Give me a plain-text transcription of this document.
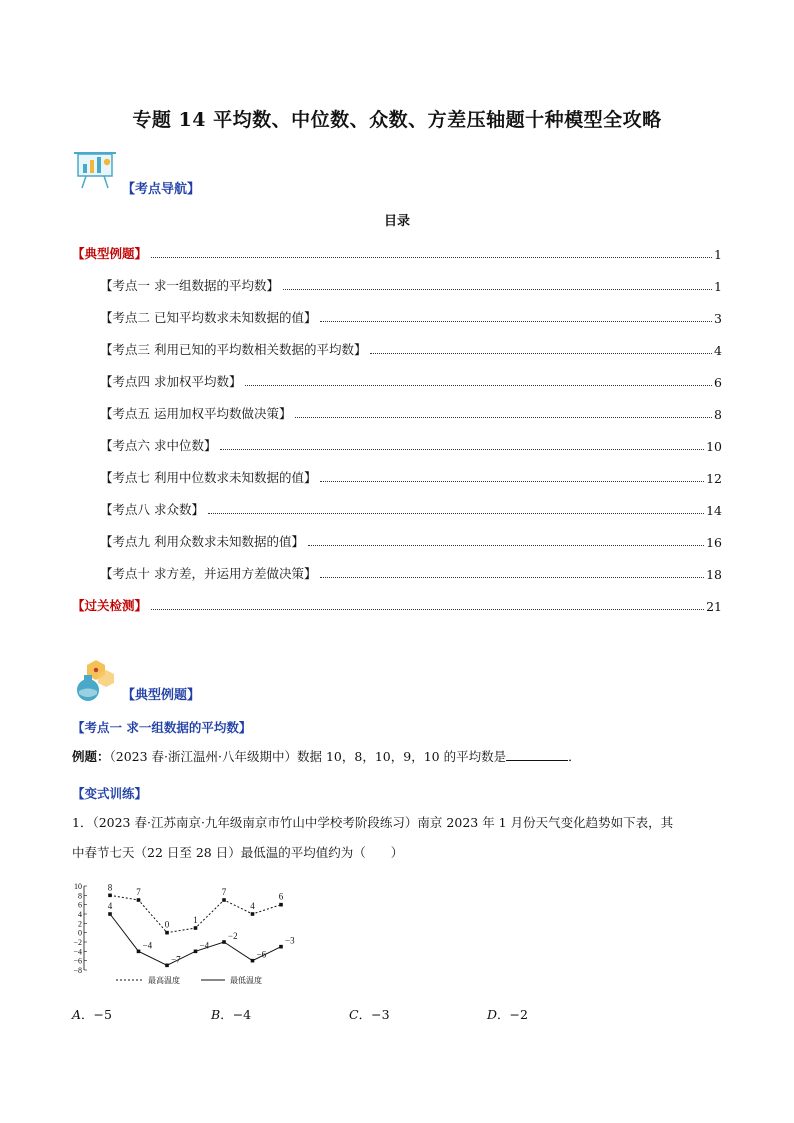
专题 14 平均数、中位数、众数、方差压轴题十种模型全攻略
【考点导航】
目录
【典型例题】	1
【考点一 求一组数据的平均数】	1
【考点二 已知平均数求未知数据的值】	3
【考点三 利用已知的平均数相关数据的平均数】	4
【考点四 求加权平均数】	6
【考点五 运用加权平均数做决策】	8
【考点六 求中位数】	10
【考点七 利用中位数求未知数据的值】	12
【考点八 求众数】	14
【考点九 利用众数求未知数据的值】	16
【考点十 求方差，并运用方差做决策】	18
【过关检测】	21
【典型例题】
【考点一 求一组数据的平均数】
例题：（2023 春·浙江温州·八年级期中）数据 10，8，10，9，10 的平均数是	．
【变式训练】
1．（2023 春·江苏南京·九年级南京市竹山中学校考阶段练习）南京 2023 年 1 月份天气变化趋势如下表，其
中春节七天（22 日至 28 日）最低温的平均值约为（　　）
10
8
6
4
2
0
−2
−4
−6
−8
8	7
0	1
7
4
6
4
−4
−7
−4
−2
−6
−3
最高温度	最低温度
A．−5	B．−4	C．−3	D．−2
